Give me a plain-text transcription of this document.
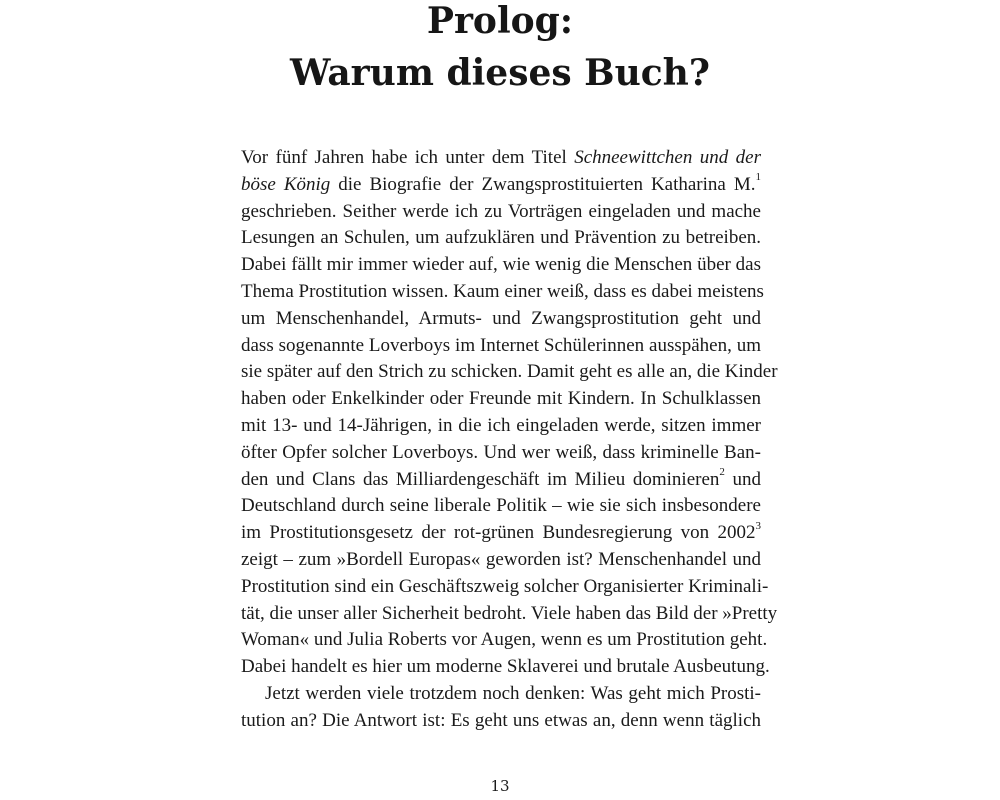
Prolog:
Warum dieses Buch?
Vor fünf Jahren habe ich unter dem Titel Schneewittchen und der
böse König die Biografie der Zwangsprostituierten Katharina M.$^1$
geschrieben. Seither werde ich zu Vorträgen eingeladen und mache
Lesungen an Schulen, um aufzuklären und Prävention zu betreiben.
Dabei fällt mir immer wieder auf, wie wenig die Menschen über das
Thema Prostitution wissen. Kaum einer weiß, dass es dabei meistens
um Menschenhandel, Armuts- und Zwangsprostitution geht und
dass sogenannte Loverboys im Internet Schülerinnen ausspähen, um
sie später auf den Strich zu schicken. Damit geht es alle an, die Kinder
haben oder Enkelkinder oder Freunde mit Kindern. In Schulklassen
mit 13- und 14-Jährigen, in die ich eingeladen werde, sitzen immer
öfter Opfer solcher Loverboys. Und wer weiß, dass kriminelle Ban-
den und Clans das Milliardengeschäft im Milieu dominieren$^2$ und
Deutschland durch seine liberale Politik – wie sie sich insbesondere
im Prostitutionsgesetz der rot-grünen Bundesregierung von 2002$^3$
zeigt – zum »Bordell Europas« geworden ist? Menschenhandel und
Prostitution sind ein Geschäftszweig solcher Organisierter Kriminali-
tät, die unser aller Sicherheit bedroht. Viele haben das Bild der »Pretty
Woman« und Julia Roberts vor Augen, wenn es um Prostitution geht.
Dabei handelt es hier um moderne Sklaverei und brutale Ausbeutung.
Jetzt werden viele trotzdem noch denken: Was geht mich Prosti-
tution an? Die Antwort ist: Es geht uns etwas an, denn wenn täglich
13
